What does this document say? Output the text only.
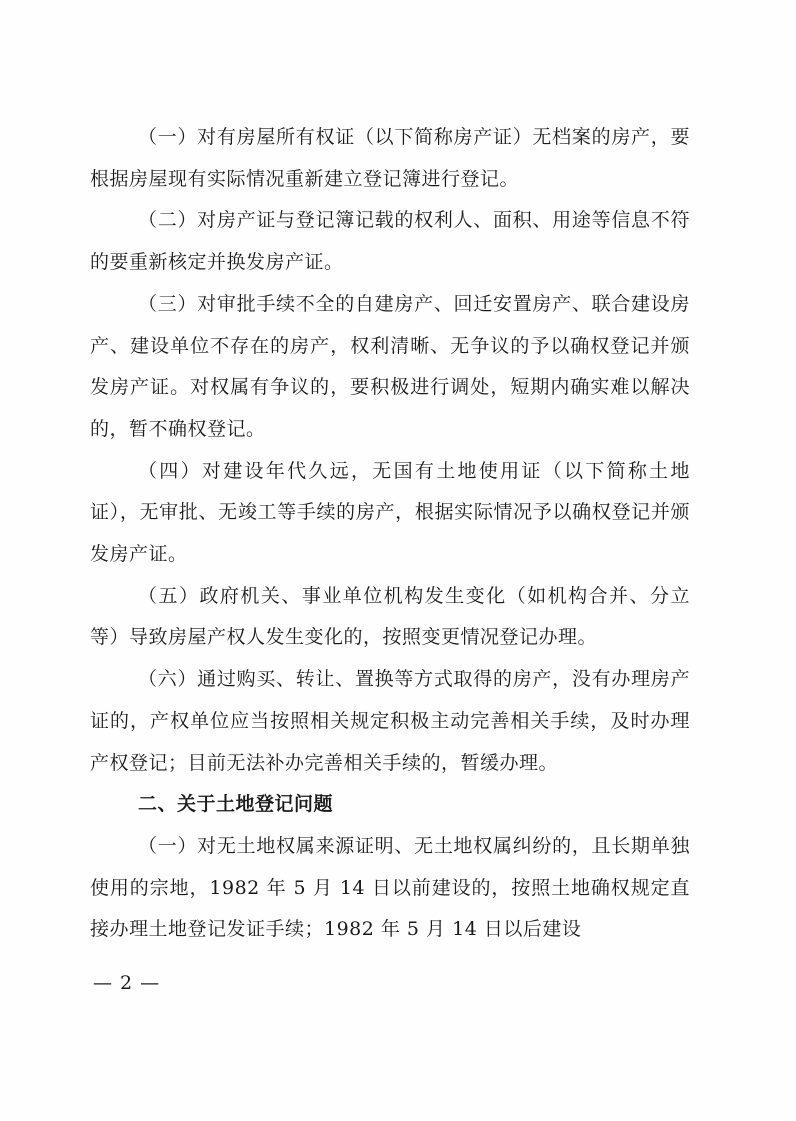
（一）对有房屋所有权证（以下简称房产证）无档案的房产，要根据房屋现有实际情况重新建立登记簿进行登记。

（二）对房产证与登记簿记载的权利人、面积、用途等信息不符的要重新核定并换发房产证。

（三）对审批手续不全的自建房产、回迁安置房产、联合建设房产、建设单位不存在的房产，权利清晰、无争议的予以确权登记并颁发房产证。对权属有争议的，要积极进行调处，短期内确实难以解决的，暂不确权登记。

（四）对建设年代久远，无国有土地使用证（以下简称土地证），无审批、无竣工等手续的房产，根据实际情况予以确权登记并颁发房产证。

（五）政府机关、事业单位机构发生变化（如机构合并、分立等）导致房屋产权人发生变化的，按照变更情况登记办理。

（六）通过购买、转让、置换等方式取得的房产，没有办理房产证的，产权单位应当按照相关规定积极主动完善相关手续，及时办理产权登记；目前无法补办完善相关手续的，暂缓办理。

二、关于土地登记问题

（一）对无土地权属来源证明、无土地权属纠纷的，且长期单独使用的宗地，1982 年 5 月 14 日以前建设的，按照土地确权规定直接办理土地登记发证手续；1982 年 5 月 14 日以后建设

— 2 —
